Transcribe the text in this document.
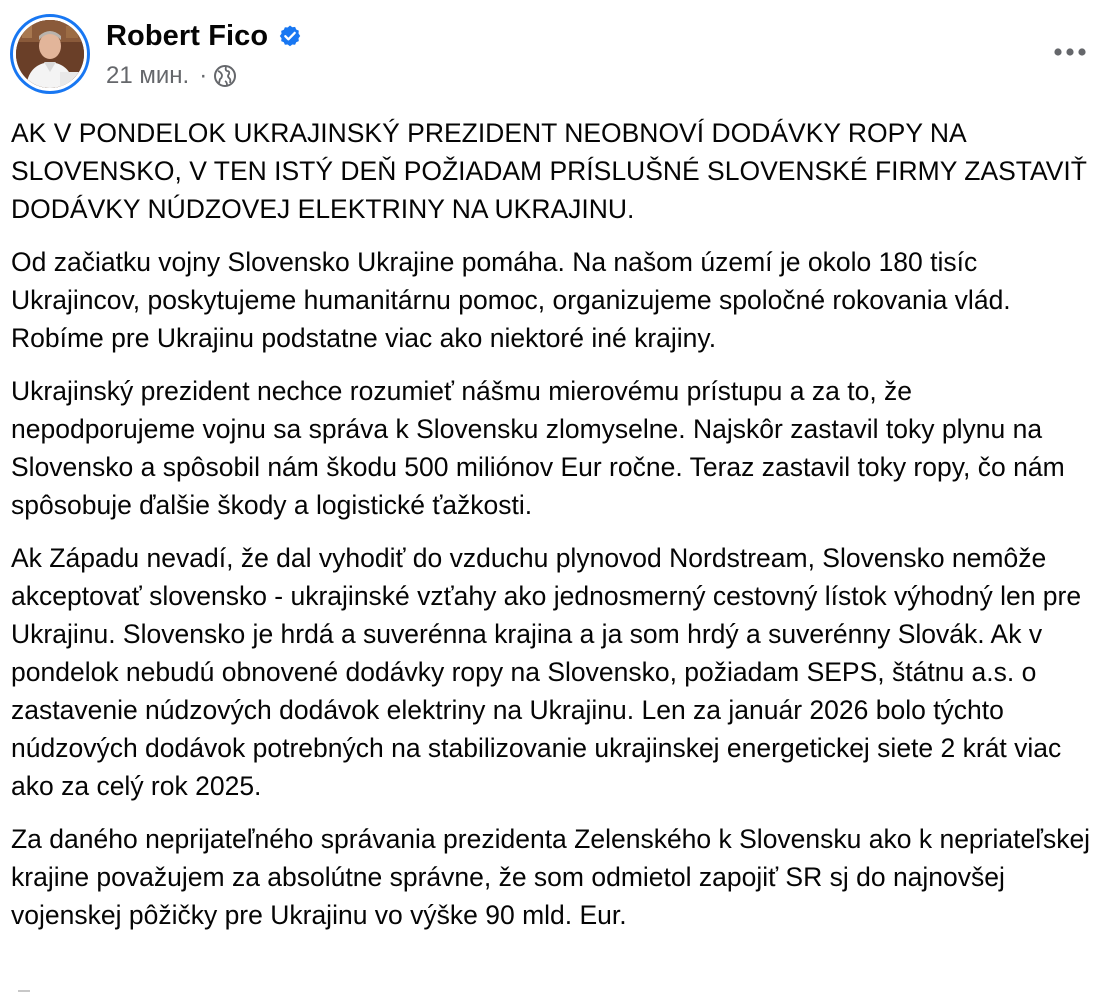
Robert Fico
21 мин. ·

AK V PONDELOK UKRAJINSKÝ PREZIDENT NEOBNOVÍ DODÁVKY ROPY NA SLOVENSKO, V TEN ISTÝ DEŇ POŽIADAM PRÍSLUŠNÉ SLOVENSKÉ FIRMY ZASTAVIŤ DODÁVKY NÚDZOVEJ ELEKTRINY NA UKRAJINU.

Od začiatku vojny Slovensko Ukrajine pomáha. Na našom území je okolo 180 tisíc Ukrajincov, poskytujeme humanitárnu pomoc, organizujeme spoločné rokovania vlád. Robíme pre Ukrajinu podstatne viac ako niektoré iné krajiny.

Ukrajinský prezident nechce rozumieť nášmu mierovému prístupu a za to, že nepodporujeme vojnu sa správa k Slovensku zlomyselne. Najskôr zastavil toky plynu na Slovensko a spôsobil nám škodu 500 miliónov Eur ročne. Teraz zastavil toky ropy, čo nám spôsobuje ďalšie škody a logistické ťažkosti.

Ak Západu nevadí, že dal vyhodiť do vzduchu plynovod Nordstream, Slovensko nemôže akceptovať slovensko - ukrajinské vzťahy ako jednosmerný cestovný lístok výhodný len pre Ukrajinu. Slovensko je hrdá a suverénna krajina a ja som hrdý a suverénny Slovák. Ak v pondelok nebudú obnovené dodávky ropy na Slovensko, požiadam SEPS, štátnu a.s. o zastavenie núdzových dodávok elektriny na Ukrajinu. Len za január 2026 bolo týchto núdzových dodávok potrebných na stabilizovanie ukrajinskej energetickej siete 2 krát viac ako za celý rok 2025.

Za daného neprijateľného správania prezidenta Zelenského k Slovensku ako k nepriateľskej krajine považujem za absolútne správne, že som odmietol zapojiť SR sj do najnovšej vojenskej pôžičky pre Ukrajinu vo výške 90 mld. Eur.
